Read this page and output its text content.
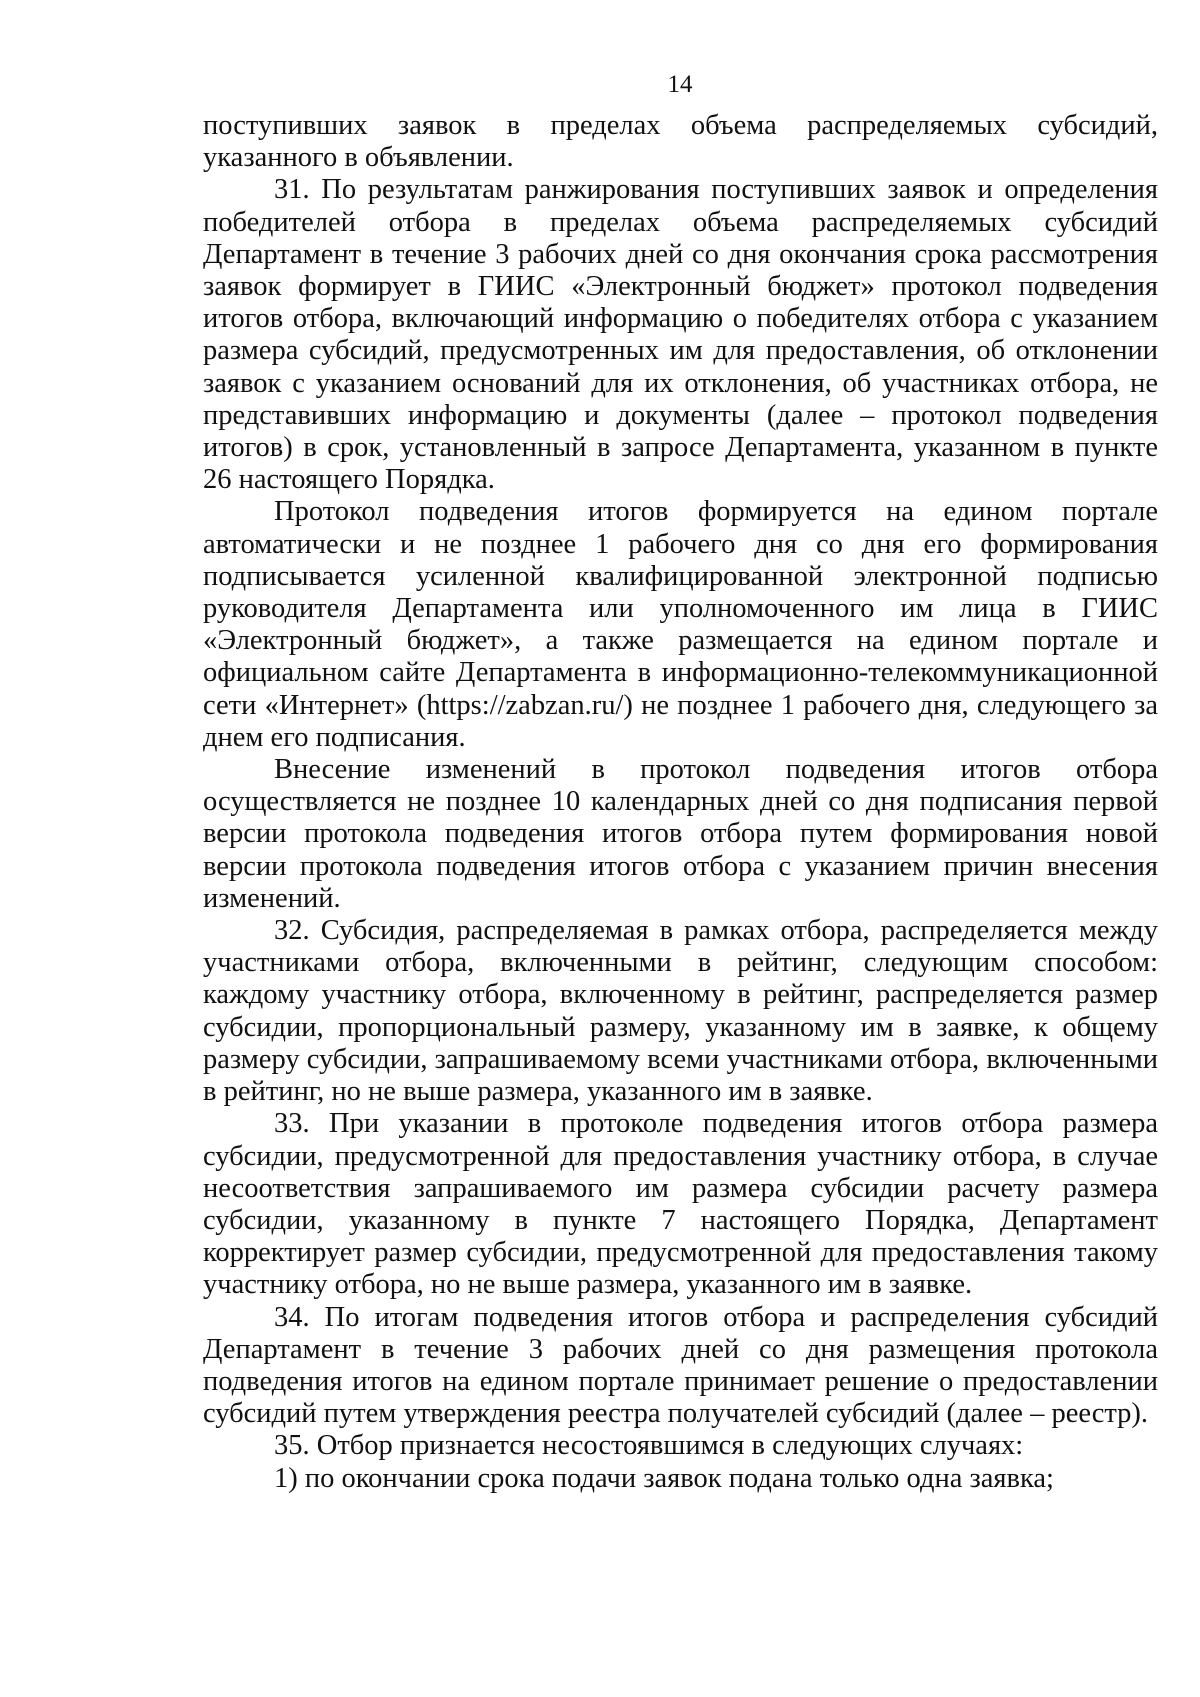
14

поступивших заявок в пределах объема распределяемых субсидий, указанного в объявлении.

31. По результатам ранжирования поступивших заявок и определения победителей отбора в пределах объема распределяемых субсидий Департамент в течение 3 рабочих дней со дня окончания срока рассмотрения заявок формирует в ГИИС «Электронный бюджет» протокол подведения итогов отбора, включающий информацию о победителях отбора с указанием размера субсидий, предусмотренных им для предоставления, об отклонении заявок с указанием оснований для их отклонения, об участниках отбора, не представивших информацию и документы (далее – протокол подведения итогов) в срок, установленный в запросе Департамента, указанном в пункте 26 настоящего Порядка.

Протокол подведения итогов формируется на едином портале автоматически и не позднее 1 рабочего дня со дня его формирования подписывается усиленной квалифицированной электронной подписью руководителя Департамента или уполномоченного им лица в ГИИС «Электронный бюджет», а также размещается на едином портале и официальном сайте Департамента в информационно-телекоммуникационной сети «Интернет» (https://zabzan.ru/) не позднее 1 рабочего дня, следующего за днем его подписания.

Внесение изменений в протокол подведения итогов отбора осуществляется не позднее 10 календарных дней со дня подписания первой версии протокола подведения итогов отбора путем формирования новой версии протокола подведения итогов отбора с указанием причин внесения изменений.

32. Субсидия, распределяемая в рамках отбора, распределяется между участниками отбора, включенными в рейтинг, следующим способом: каждому участнику отбора, включенному в рейтинг, распределяется размер субсидии, пропорциональный размеру, указанному им в заявке, к общему размеру субсидии, запрашиваемому всеми участниками отбора, включенными в рейтинг, но не выше размера, указанного им в заявке.

33. При указании в протоколе подведения итогов отбора размера субсидии, предусмотренной для предоставления участнику отбора, в случае несоответствия запрашиваемого им размера субсидии расчету размера субсидии, указанному в пункте 7 настоящего Порядка, Департамент корректирует размер субсидии, предусмотренной для предоставления такому участнику отбора, но не выше размера, указанного им в заявке.

34. По итогам подведения итогов отбора и распределения субсидий Департамент в течение 3 рабочих дней со дня размещения протокола подведения итогов на едином портале принимает решение о предоставлении субсидий путем утверждения реестра получателей субсидий (далее – реестр).

35. Отбор признается несостоявшимся в следующих случаях:

1) по окончании срока подачи заявок подана только одна заявка;
